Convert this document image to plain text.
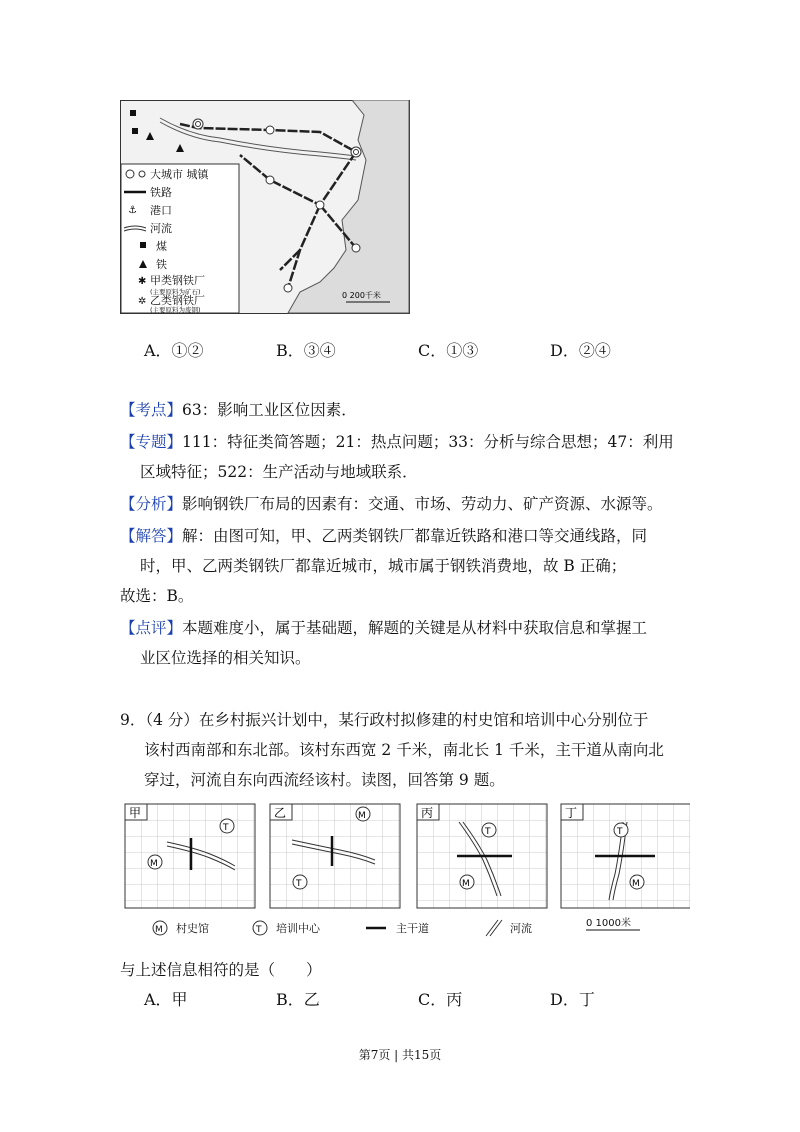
大城市 城镇
铁路
⚓ 港口
河流
煤
铁
✱ 甲类钢铁厂
(主要原料为矿石)
✲ 乙类钢铁厂
(主要原料为废钢)
0 200千米
A．①②	B．③④	C．①③	D．②④
【考点】63：影响工业区位因素．
【专题】111：特征类简答题；21：热点问题；33：分析与综合思想；47：利用
区域特征；522：生产活动与地域联系．
【分析】影响钢铁厂布局的因素有：交通、市场、劳动力、矿产资源、水源等。
【解答】解：由图可知，甲、乙两类钢铁厂都靠近铁路和港口等交通线路，同
时，甲、乙两类钢铁厂都靠近城市，城市属于钢铁消费地，故 B 正确；
故选：B。
【点评】本题难度小，属于基础题，解题的关键是从材料中获取信息和掌握工
业区位选择的相关知识。
9．（4 分）在乡村振兴计划中，某行政村拟修建的村史馆和培训中心分别位于
该村西南部和东北部。该村东西宽 2 千米，南北长 1 千米，主干道从南向北
穿过，河流自东向西流经该村。读图，回答第 9 题。
甲
M
T
乙	M
T
丙
T
M
丁
T
M
M 村史馆	T 培训中心	主干道	河流	0 1000米
与上述信息相符的是（　　）
A．甲	B．乙	C．丙	D．丁
第7页 | 共15页
